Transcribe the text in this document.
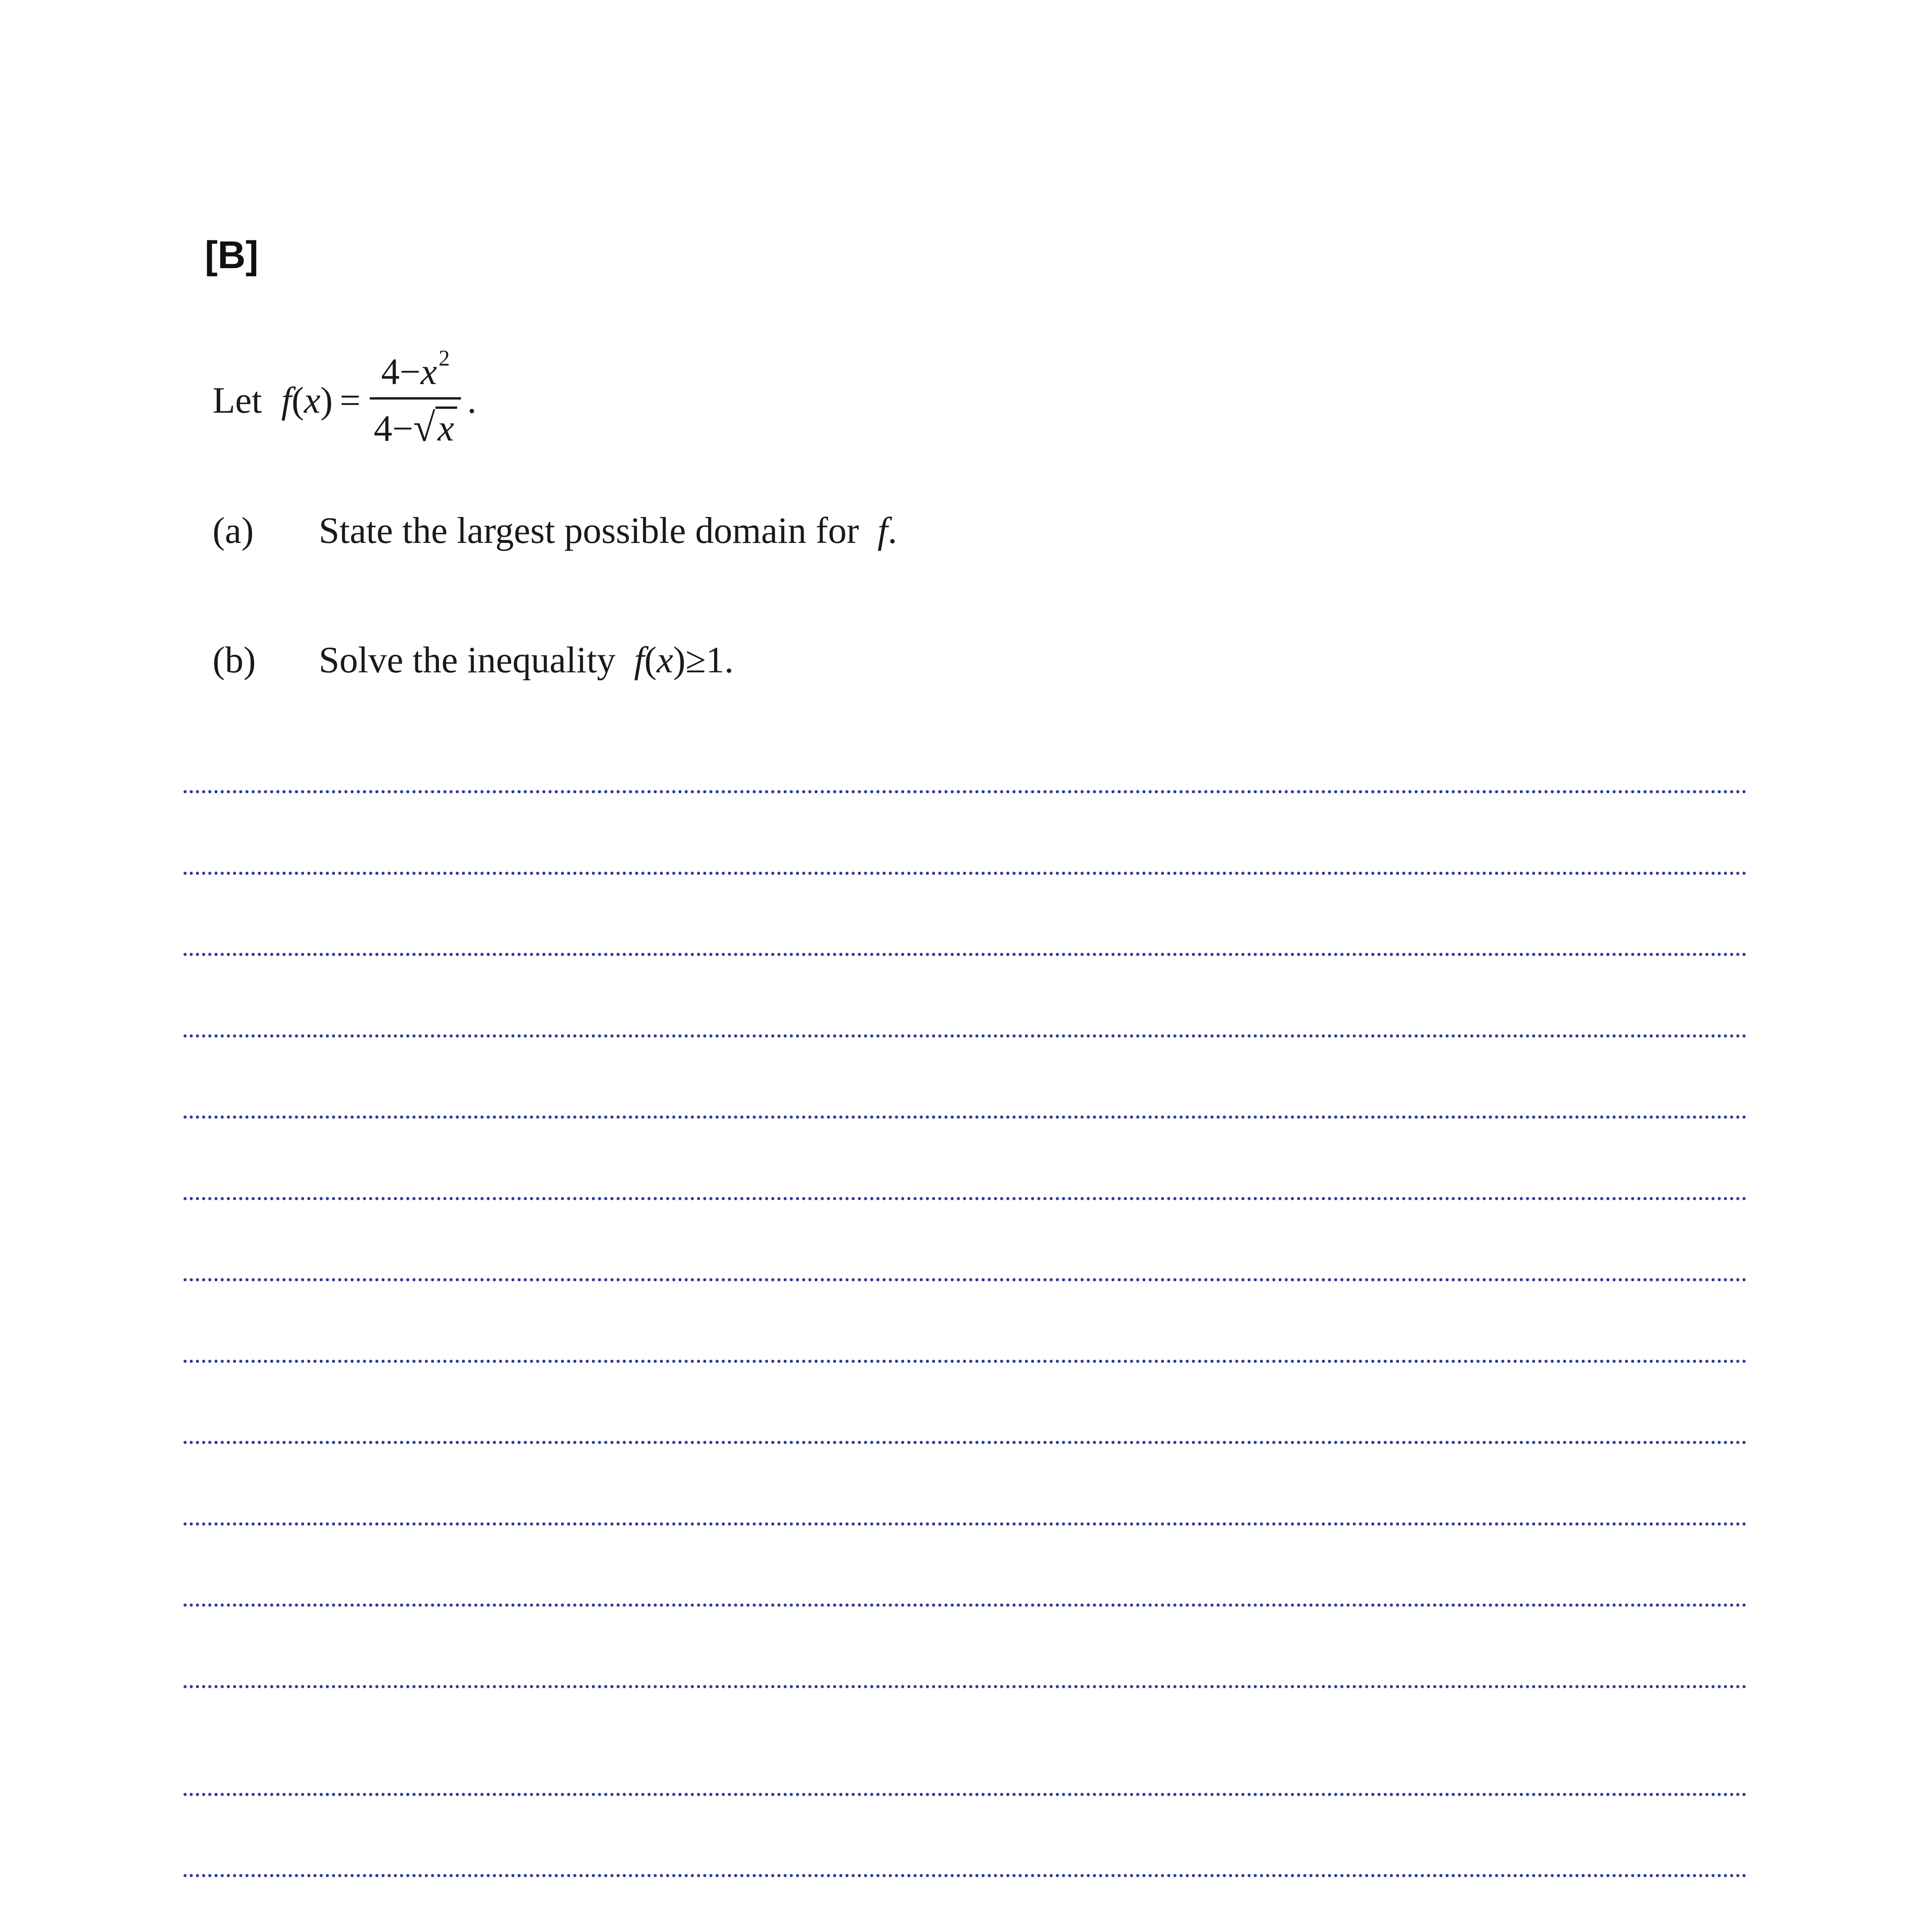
[B]
Let f ( x ) =
$4-x^2$
4− √ x
.
(a) State the largest possible domain for f.
(b) Solve the inequality f(x)≥1.
